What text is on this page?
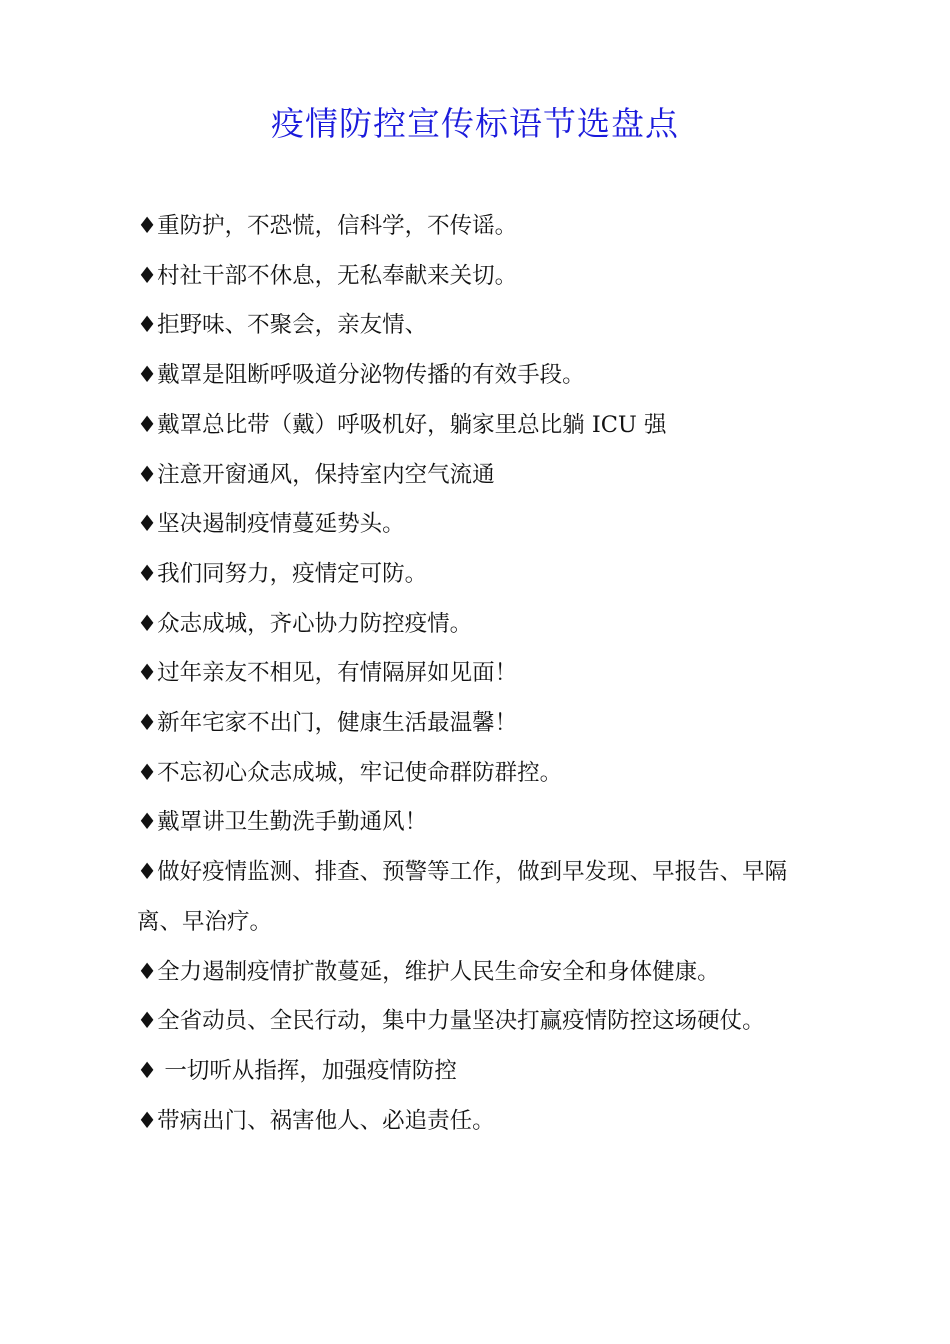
疫情防控宣传标语节选盘点
♦重防护，不恐慌，信科学，不传谣。
♦村社干部不休息，无私奉献来关切。
♦拒野味、不聚会，亲友情、
♦戴罩是阻断呼吸道分泌物传播的有效手段。
♦戴罩总比带（戴）呼吸机好，躺家里总比躺 ICU 强
♦注意开窗通风，保持室内空气流通
♦坚决遏制疫情蔓延势头。
♦我们同努力，疫情定可防。
♦众志成城，齐心协力防控疫情。
♦过年亲友不相见，有情隔屏如见面！
♦新年宅家不出门，健康生活最温馨！
♦不忘初心众志成城，牢记使命群防群控。
♦戴罩讲卫生勤洗手勤通风！
♦做好疫情监测、排查、预警等工作，做到早发现、早报告、早隔离、早治疗。
♦全力遏制疫情扩散蔓延，维护人民生命安全和身体健康。
♦全省动员、全民行动，集中力量坚决打赢疫情防控这场硬仗。
♦ 一切听从指挥，加强疫情防控
♦带病出门、祸害他人、必追责任。
